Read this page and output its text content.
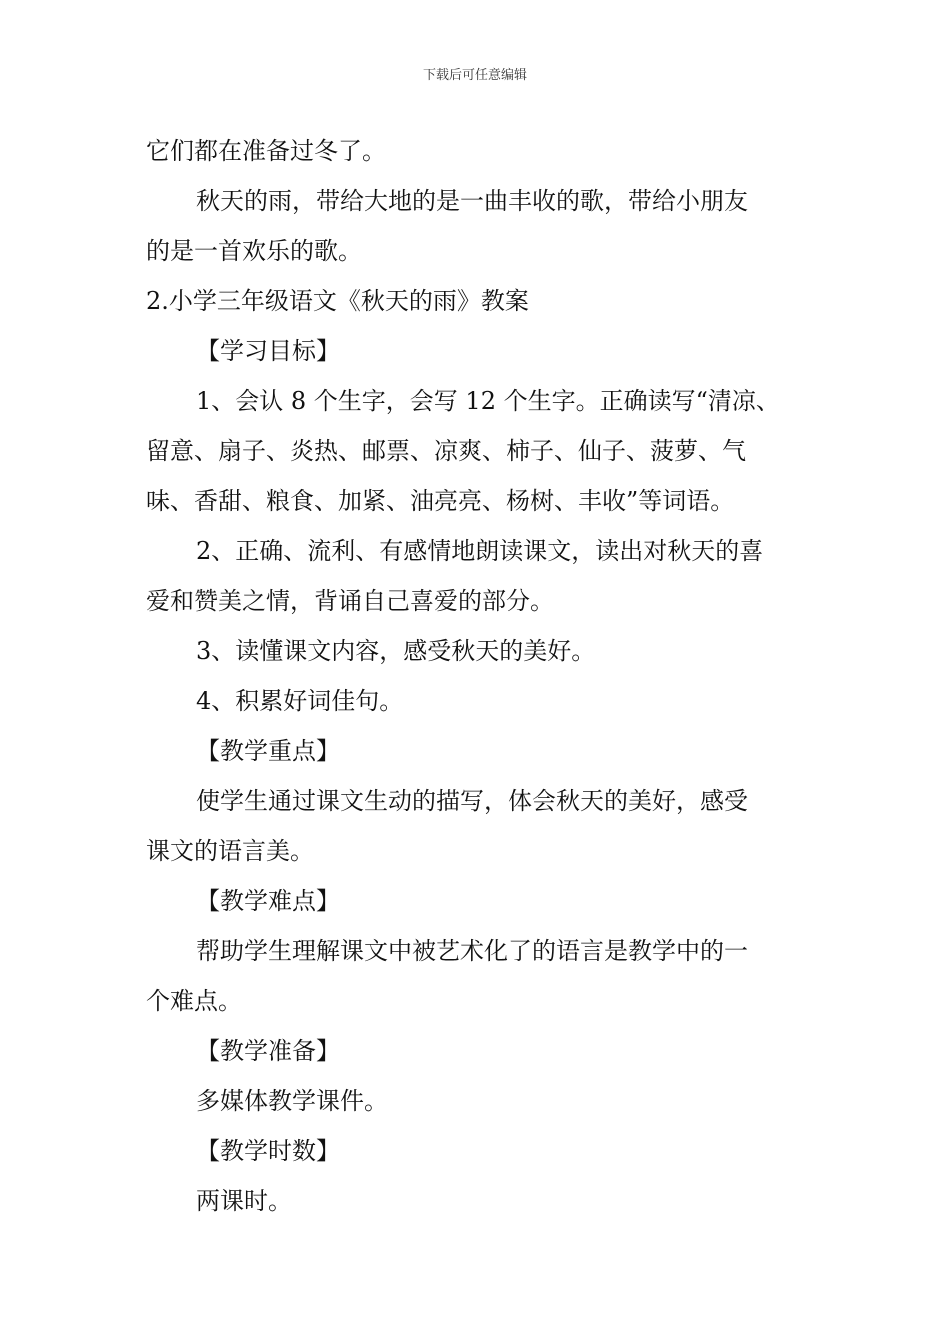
下载后可任意编辑
它们都在准备过冬了。
秋天的雨，带给大地的是一曲丰收的歌，带给小朋友
的是一首欢乐的歌。
2.小学三年级语文《秋天的雨》教案
【学习目标】
1、会认 8 个生字，会写 12 个生字。正确读写“清凉、
留意、扇子、炎热、邮票、凉爽、柿子、仙子、菠萝、气
味、香甜、粮食、加紧、油亮亮、杨树、丰收”等词语。
2、正确、流利、有感情地朗读课文，读出对秋天的喜
爱和赞美之情，背诵自己喜爱的部分。
3、读懂课文内容，感受秋天的美好。
4、积累好词佳句。
【教学重点】
使学生通过课文生动的描写，体会秋天的美好，感受
课文的语言美。
【教学难点】
帮助学生理解课文中被艺术化了的语言是教学中的一
个难点。
【教学准备】
多媒体教学课件。
【教学时数】
两课时。
